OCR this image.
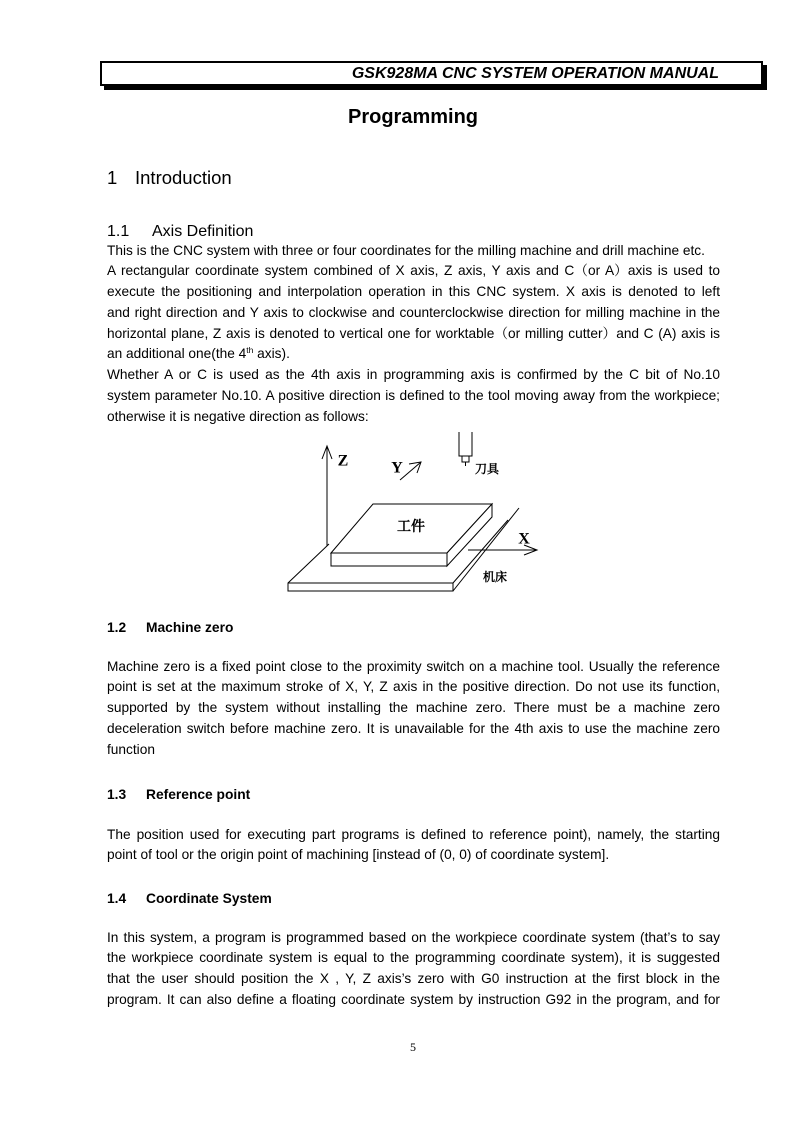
GSK928MA CNC SYSTEM OPERATION MANUAL
Programming
1 Introduction
1.1 Axis Definition
This is the CNC system with three or four coordinates for the milling machine and drill machine etc.
A rectangular coordinate system combined of X axis, Z axis, Y axis and C（or A）axis is used to
execute the positioning and interpolation operation in this CNC system. X axis is denoted to left
and right direction and Y axis to clockwise and counterclockwise direction for milling machine in the
horizontal plane, Z axis is denoted to vertical one for worktable（or milling cutter）and C (A) axis is
an additional one(the 4th axis).
Whether A or C is used as the 4th axis in programming axis is confirmed by the C bit of No.10
system parameter No.10. A positive direction is defined to the tool moving away from the workpiece;
otherwise it is negative direction as follows:
Z	Y
X
刀具
工件
机床
1.2 Machine zero
Machine zero is a fixed point close to the proximity switch on a machine tool. Usually the reference
point is set at the maximum stroke of X, Y, Z axis in the positive direction. Do not use its function,
supported by the system without installing the machine zero. There must be a machine zero
deceleration switch before machine zero. It is unavailable for the 4th axis to use the machine zero
function
1.3 Reference point
The position used for executing part programs is defined to reference point), namely, the starting
point of tool or the origin point of machining [instead of (0, 0) of coordinate system].
1.4 Coordinate System
In this system, a program is programmed based on the workpiece coordinate system (that’s to say
the workpiece coordinate system is equal to the programming coordinate system), it is suggested
that the user should position the X , Y, Z axis’s zero with G0 instruction at the first block in the
program. It can also define a floating coordinate system by instruction G92 in the program, and for
5
